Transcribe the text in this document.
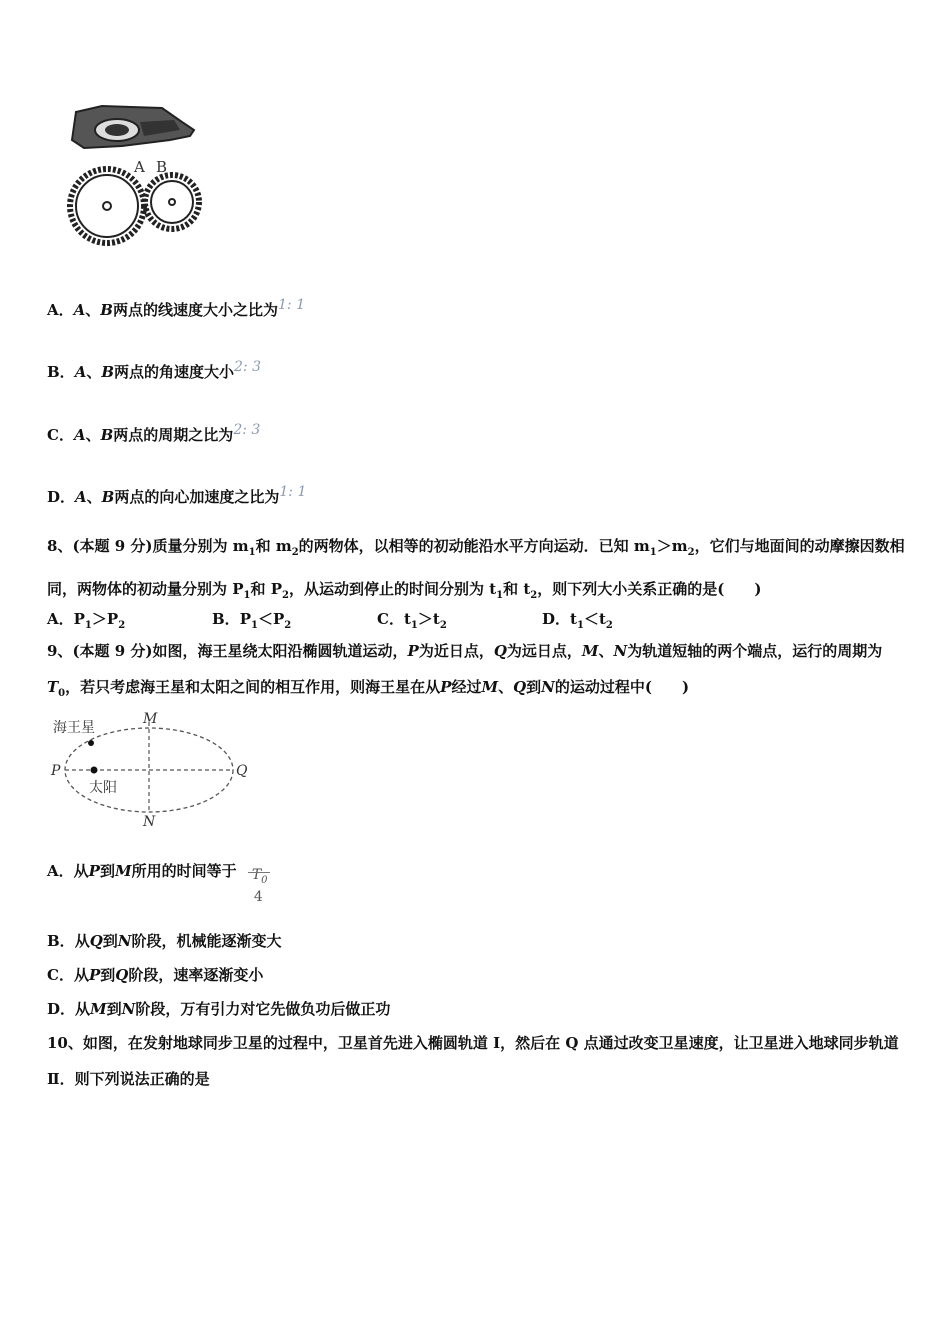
A B
A．A、B两点的线速度大小之比为1: 1
B．A、B两点的角速度大小2: 3
C．A、B两点的周期之比为2: 3
D．A、B两点的向心加速度之比为1: 1
8、(本题 9 分)质量分别为 $m_1$和 $m_2$的两物体，以相等的初动能沿水平方向运动．已知 $m_1>m_2$，它们与地面间的动摩擦因数相同，两物体的初动量分别为 $P_1$和 $P_2$，从运动到停止的时间分别为 $t_1$和 $t_2$，则下列大小关系正确的是(　　)
A．$P_1>P_2$	B．$P_1<P_2$	C．$t_1>t_2$	D．$t_1<t_2$
9、(本题 9 分)如图，海王星绕太阳沿椭圆轨道运动，P为近日点，Q为远日点，M、N为轨道短轴的两个端点，运行的周期为$T_0$，若只考虑海王星和太阳之间的相互作用，则海王星在从P经过M、Q到N的运动过程中(　　)
海王星
太阳
M
N
P	Q
A．从P到M所用的时间等于 $T_0$
4
B．从Q到N阶段，机械能逐渐变大
C．从P到Q阶段，速率逐渐变小
D．从M到N阶段，万有引力对它先做负功后做正功
10、如图，在发射地球同步卫星的过程中，卫星首先进入椭圆轨道 I，然后在 Q 点通过改变卫星速度，让卫星进入地球同步轨道Ⅱ．则下列说法正确的是
